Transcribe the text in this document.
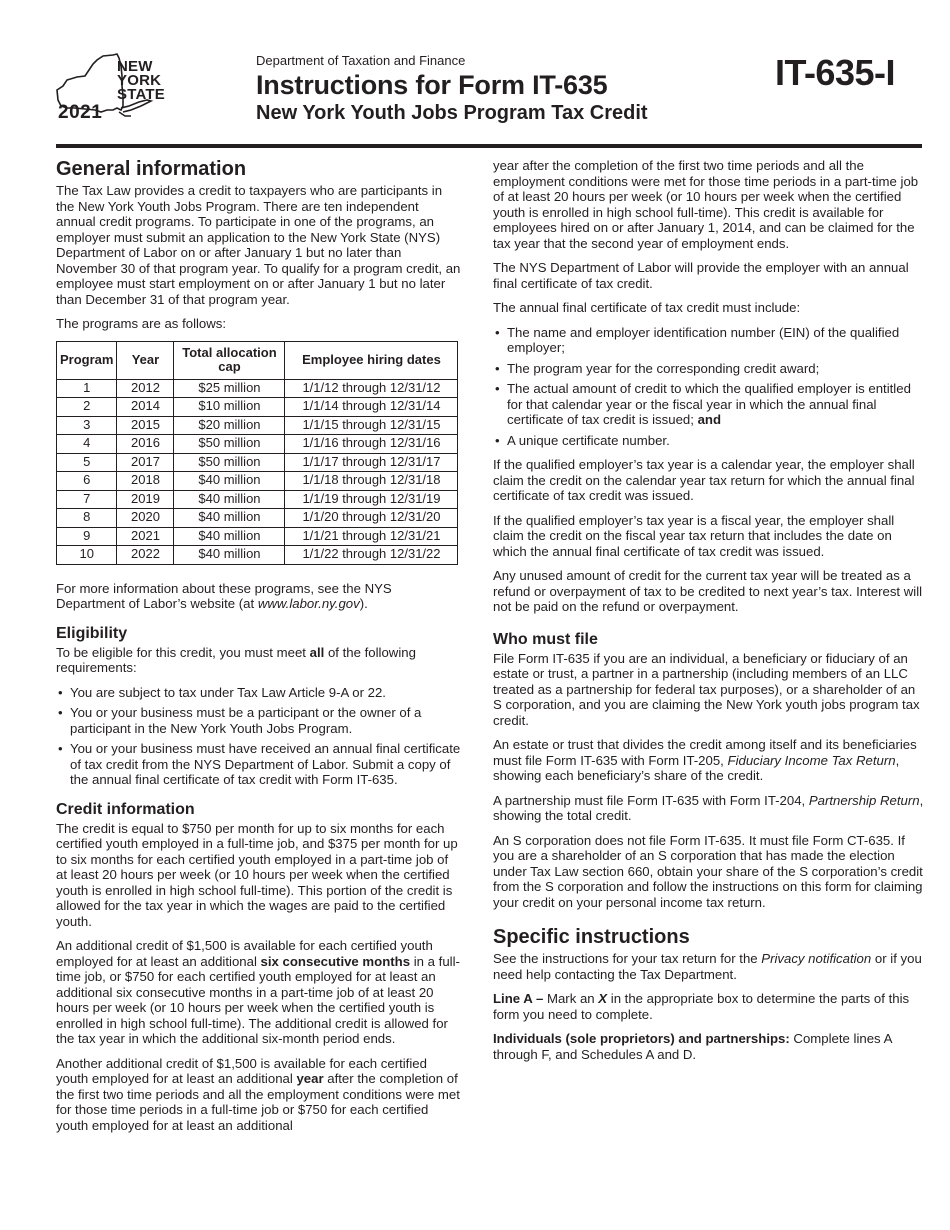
NEW
YORK
STATE
2021
Department of Taxation and Finance
Instructions for Form IT-635
New York Youth Jobs Program Tax Credit
IT-635-I
General information

The Tax Law provides a credit to taxpayers who are participants in the New York Youth Jobs Program. There are ten independent annual credit programs. To participate in one of the programs, an employer must submit an application to the New York State (NYS) Department of Labor on or after January 1 but no later than November 30 of that program year. To qualify for a program credit, an employee must start employment on or after January 1 but no later than December 31 of that program year.

The programs are as follows:

Program	Year	Total allocation cap	Employee hiring dates
1	2012	$25 million	1/1/12 through 12/31/12
2	2014	$10 million	1/1/14 through 12/31/14
3	2015	$20 million	1/1/15 through 12/31/15
4	2016	$50 million	1/1/16 through 12/31/16
5	2017	$50 million	1/1/17 through 12/31/17
6	2018	$40 million	1/1/18 through 12/31/18
7	2019	$40 million	1/1/19 through 12/31/19
8	2020	$40 million	1/1/20 through 12/31/20
9	2021	$40 million	1/1/21 through 12/31/21
10	2022	$40 million	1/1/22 through 12/31/22

For more information about these programs, see the NYS Department of Labor’s website (at www.labor.ny.gov).

Eligibility

To be eligible for this credit, you must meet all of the following requirements:

• You are subject to tax under Tax Law Article 9-A or 22.
• You or your business must be a participant or the owner of a participant in the New York Youth Jobs Program.
• You or your business must have received an annual final certificate of tax credit from the NYS Department of Labor. Submit a copy of the annual final certificate of tax credit with Form IT-635.
Credit information

The credit is equal to $750 per month for up to six months for each certified youth employed in a full-time job, and $375 per month for up to six months for each certified youth employed in a part-time job of at least 20 hours per week (or 10 hours per week when the certified youth is enrolled in high school full-time). This portion of the credit is allowed for the tax year in which the wages are paid to the certified youth.

An additional credit of $1,500 is available for each certified youth employed for at least an additional six consecutive months in a full-time job, or $750 for each certified youth employed for at least an additional six consecutive months in a part-time job of at least 20 hours per week (or 10 hours per week when the certified youth is enrolled in high school full-time). The additional credit is allowed for the tax year in which the additional six-month period ends.

Another additional credit of $1,500 is available for each certified youth employed for at least an additional year after the completion of the first two time periods and all the employment conditions were met for those time periods in a full-time job or $750 for each certified youth employed for at least an additional

year after the completion of the first two time periods and all the employment conditions were met for those time periods in a part-time job of at least 20 hours per week (or 10 hours per week when the certified youth is enrolled in high school full-time). This credit is available for employees hired on or after January 1, 2014, and can be claimed for the tax year that the second year of employment ends.

The NYS Department of Labor will provide the employer with an annual final certificate of tax credit.

The annual final certificate of tax credit must include:

• The name and employer identification number (EIN) of the qualified employer;
• The program year for the corresponding credit award;
• The actual amount of credit to which the qualified employer is entitled for that calendar year or the fiscal year in which the annual final certificate of tax credit is issued; and
• A unique certificate number.

If the qualified employer’s tax year is a calendar year, the employer shall claim the credit on the calendar year tax return for which the annual final certificate of tax credit was issued.

If the qualified employer’s tax year is a fiscal year, the employer shall claim the credit on the fiscal year tax return that includes the date on which the annual final certificate of tax credit was issued.

Any unused amount of credit for the current tax year will be treated as a refund or overpayment of tax to be credited to next year’s tax. Interest will not be paid on the refund or overpayment.

Who must file

File Form IT-635 if you are an individual, a beneficiary or fiduciary of an estate or trust, a partner in a partnership (including members of an LLC treated as a partnership for federal tax purposes), or a shareholder of an S corporation, and you are claiming the New York youth jobs program tax credit.

An estate or trust that divides the credit among itself and its beneficiaries must file Form IT-635 with Form IT-205, Fiduciary Income Tax Return, showing each beneficiary’s share of the credit.

A partnership must file Form IT-635 with Form IT-204, Partnership Return, showing the total credit.

An S corporation does not file Form IT-635. It must file Form CT-635. If you are a shareholder of an S corporation that has made the election under Tax Law section 660, obtain your share of the S corporation’s credit from the S corporation and follow the instructions on this form for claiming your credit on your personal income tax return.

Specific instructions

See the instructions for your tax return for the Privacy notification or if you need help contacting the Tax Department.

Line A – Mark an X in the appropriate box to determine the parts of this form you need to complete.

Individuals (sole proprietors) and partnerships: Complete lines A through F, and Schedules A and D.
